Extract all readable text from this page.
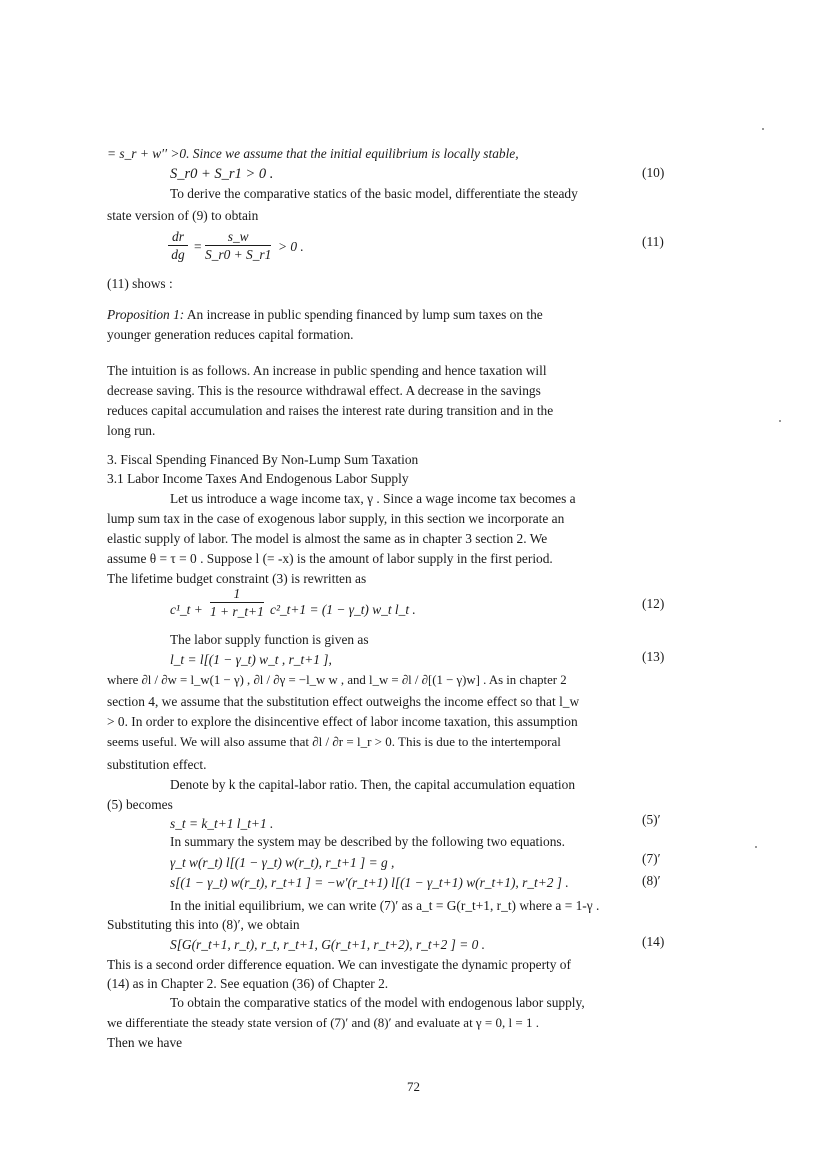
= s_r + w′′ >0. Since we assume that the initial equilibrium is locally stable,
S_r0 + S_r1 > 0 .	(10)
To derive the comparative statics of the basic model, differentiate the steady
state version of (9) to obtain
dr
dg
=
s_w
S_r0 + S_r1
> 0 .	(11)
(11) shows :
Proposition 1: An increase in public spending financed by lump sum taxes on the
younger generation reduces capital formation.
The intuition is as follows. An increase in public spending and hence taxation will
decrease saving. This is the resource withdrawal effect. A decrease in the savings
reduces capital accumulation and raises the interest rate during transition and in the
long run.
3. Fiscal Spending Financed By Non-Lump Sum Taxation
3.1 Labor Income Taxes And Endogenous Labor Supply
Let us introduce a wage income tax, γ . Since a wage income tax becomes a
lump sum tax in the case of exogenous labor supply, in this section we incorporate an
elastic supply of labor. The model is almost the same as in chapter 3 section 2. We
assume θ = τ = 0 . Suppose l (= -x) is the amount of labor supply in the first period.
The lifetime budget constraint (3) is rewritten as
c¹_t +
1
1 + r_t+1 c²_t+1 = (1 − γ_t) w_t l_t .	(12)
The labor supply function is given as
l_t = l[(1 − γ_t) w_t , r_t+1 ],	(13)
where ∂l / ∂w = l_w(1 − γ) , ∂l / ∂γ = −l_w w , and l_w = ∂l / ∂[(1 − γ)w] . As in chapter 2
section 4, we assume that the substitution effect outweighs the income effect so that l_w
> 0. In order to explore the disincentive effect of labor income taxation, this assumption
seems useful. We will also assume that ∂l / ∂r = l_r > 0. This is due to the intertemporal
substitution effect.
Denote by k the capital-labor ratio. Then, the capital accumulation equation
(5) becomes
s_t = k_t+1 l_t+1 .	(5)′
In summary the system may be described by the following two equations.
γ_t w(r_t) l[(1 − γ_t) w(r_t), r_t+1 ] = g ,	(7)′
s[(1 − γ_t) w(r_t), r_t+1 ] = −w′(r_t+1) l[(1 − γ_t+1) w(r_t+1), r_t+2 ] .	(8)′
In the initial equilibrium, we can write (7)′ as a_t = G(r_t+1, r_t) where a = 1-γ .
Substituting this into (8)′, we obtain
S[G(r_t+1, r_t), r_t, r_t+1, G(r_t+1, r_t+2), r_t+2 ] = 0 .	(14)
This is a second order difference equation. We can investigate the dynamic property of
(14) as in Chapter 2. See equation (36) of Chapter 2.
To obtain the comparative statics of the model with endogenous labor supply,
we differentiate the steady state version of (7)′ and (8)′ and evaluate at γ = 0, l = 1 .
Then we have
72
